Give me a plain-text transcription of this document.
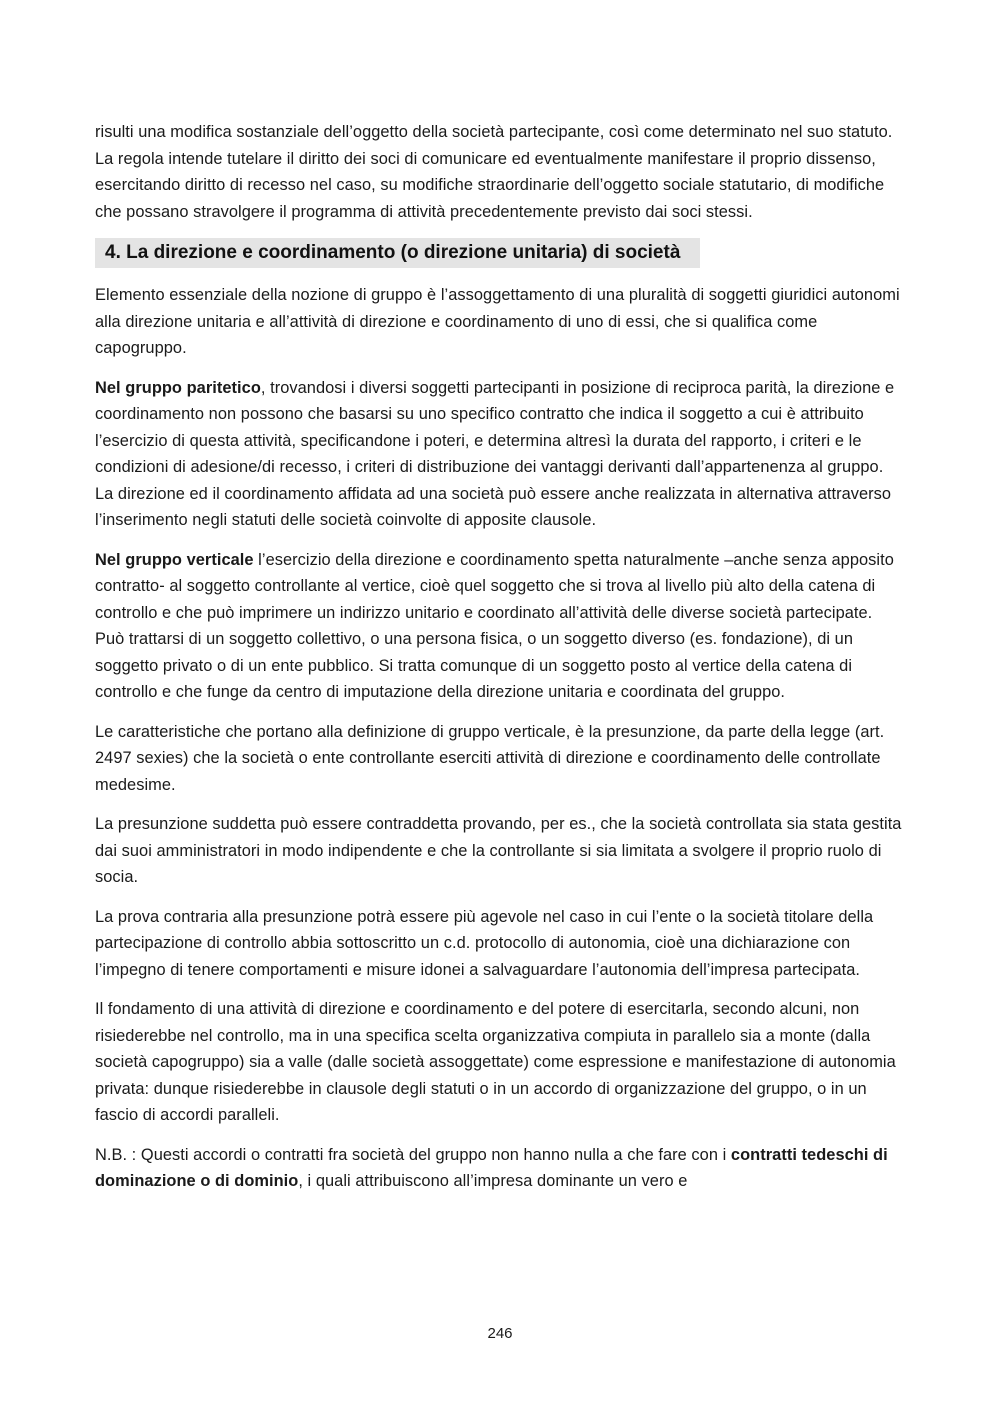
risulti una modifica sostanziale dell’oggetto della società partecipante, così come determinato nel suo statuto. La regola intende tutelare il diritto dei soci di comunicare ed eventualmente manifestare il proprio dissenso, esercitando diritto di recesso nel caso, su modifiche straordinarie dell’oggetto sociale statutario, di modifiche che possano stravolgere il programma di attività precedentemente previsto dai soci stessi.

4. La direzione e coordinamento (o direzione unitaria) di società

Elemento essenziale della nozione di gruppo è l’assoggettamento di una pluralità di soggetti giuridici autonomi alla direzione unitaria e all’attività di direzione e coordinamento di uno di essi, che si qualifica come capogruppo.

Nel gruppo paritetico, trovandosi i diversi soggetti partecipanti in posizione di reciproca parità, la direzione e coordinamento non possono che basarsi su uno specifico contratto che indica il soggetto a cui è attribuito l’esercizio di questa attività, specificandone i poteri, e determina altresì la durata del rapporto, i criteri e le condizioni di adesione/di recesso, i criteri di distribuzione dei vantaggi derivanti dall’appartenenza al gruppo. La direzione ed il coordinamento affidata ad una società può essere anche realizzata in alternativa attraverso l’inserimento negli statuti delle società coinvolte di apposite clausole.

Nel gruppo verticale l’esercizio della direzione e coordinamento spetta naturalmente –anche senza apposito contratto- al soggetto controllante al vertice, cioè quel soggetto che si trova al livello più alto della catena di controllo e che può imprimere un indirizzo unitario e coordinato all’attività delle diverse società partecipate. Può trattarsi di un soggetto collettivo, o una persona fisica, o un soggetto diverso (es. fondazione), di un soggetto privato o di un ente pubblico. Si tratta comunque di un soggetto posto al vertice della catena di controllo e che funge da centro di imputazione della direzione unitaria e coordinata del gruppo.

Le caratteristiche che portano alla definizione di gruppo verticale, è la presunzione, da parte della legge (art. 2497 sexies) che la società o ente controllante eserciti attività di direzione e coordinamento delle controllate medesime.

La presunzione suddetta può essere contraddetta provando, per es., che la società controllata sia stata gestita dai suoi amministratori in modo indipendente e che la controllante si sia limitata a svolgere il proprio ruolo di socia.

La prova contraria alla presunzione potrà essere più agevole nel caso in cui l’ente o la società titolare della partecipazione di controllo abbia sottoscritto un c.d. protocollo di autonomia, cioè una dichiarazione con l’impegno di tenere comportamenti e misure idonei a salvaguardare l’autonomia dell’impresa partecipata.

Il fondamento di una attività di direzione e coordinamento e del potere di esercitarla, secondo alcuni, non risiederebbe nel controllo, ma in una specifica scelta organizzativa compiuta in parallelo sia a monte (dalla società capogruppo) sia a valle (dalle società assoggettate) come espressione e manifestazione di autonomia privata: dunque risiederebbe in clausole degli statuti o in un accordo di organizzazione del gruppo, o in un fascio di accordi paralleli.

N.B. : Questi accordi o contratti fra società del gruppo non hanno nulla a che fare con i contratti tedeschi di dominazione o di dominio, i quali attribuiscono all’impresa dominante un vero e

246
